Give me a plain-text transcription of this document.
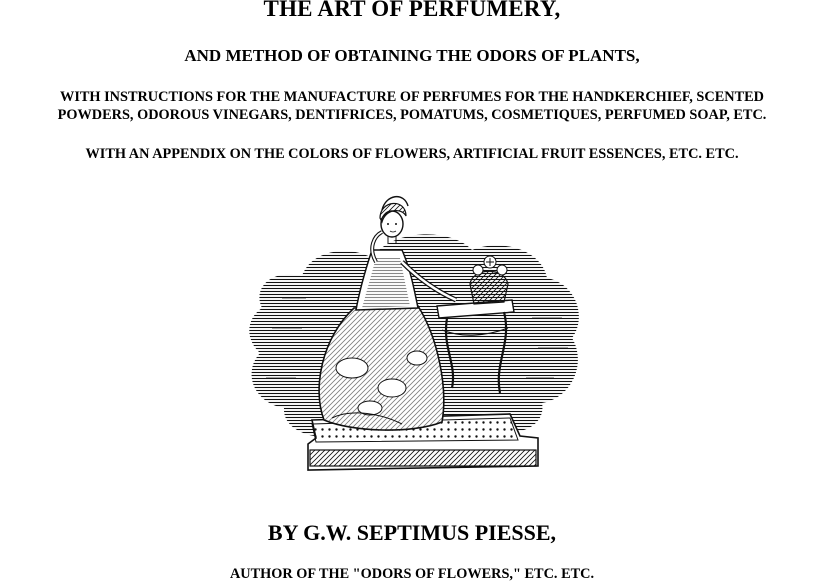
THE ART OF PERFUMERY,
AND METHOD OF OBTAINING THE ODORS OF PLANTS,
WITH INSTRUCTIONS FOR THE MANUFACTURE OF PERFUMES FOR THE HANDKERCHIEF, SCENTED
POWDERS, ODOROUS VINEGARS, DENTIFRICES, POMATUMS, COSMETIQUES, PERFUMED SOAP, ETC.
WITH AN APPENDIX ON THE COLORS OF FLOWERS, ARTIFICIAL FRUIT ESSENCES, ETC. ETC.
BY G.W. SEPTIMUS PIESSE,
AUTHOR OF THE "ODORS OF FLOWERS," ETC. ETC.
